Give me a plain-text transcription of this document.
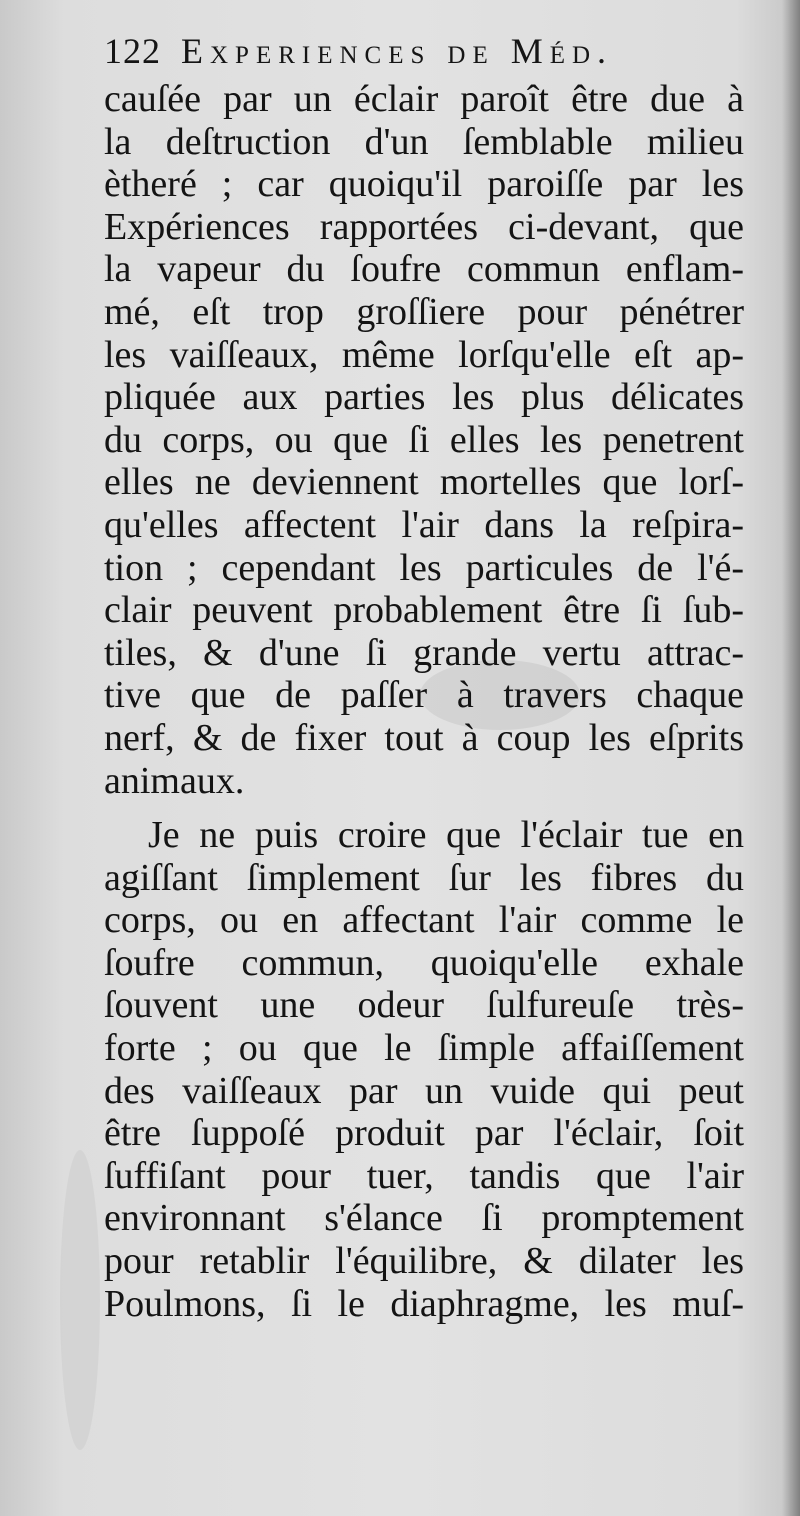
122 Experiences de Méd.
cauſée par un éclair paroît être due à
la deſtruction d'un ſemblable milieu
ètheré ; car quoiqu'il paroiſſe par les
Expériences rapportées ci-devant, que
la vapeur du ſoufre commun enflam-
mé, eſt trop groſſiere pour pénétrer
les vaiſſeaux, même lorſqu'elle eſt ap-
pliquée aux parties les plus délicates
du corps, ou que ſi elles les penetrent
elles ne deviennent mortelles que lorſ-
qu'elles affectent l'air dans la reſpira-
tion ; cependant les particules de l'é-
clair peuvent probablement être ſi ſub-
tiles, & d'une ſi grande vertu attrac-
tive que de paſſer à travers chaque
nerf, & de fixer tout à coup les eſprits
animaux.
Je ne puis croire que l'éclair tue en
agiſſant ſimplement ſur les fibres du
corps, ou en affectant l'air comme le
ſoufre commun, quoiqu'elle exhale
ſouvent une odeur ſulfureuſe très-
forte ; ou que le ſimple affaiſſement
des vaiſſeaux par un vuide qui peut
être ſuppoſé produit par l'éclair, ſoit
ſuffiſant pour tuer, tandis que l'air
environnant s'élance ſi promptement
pour retablir l'équilibre, & dilater les
Poulmons, ſi le diaphragme, les muſ-
